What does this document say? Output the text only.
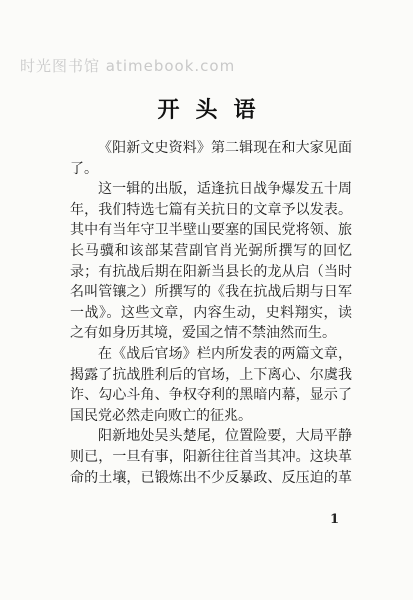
时光图书馆 atimebook.com
开头语
《阳新文史资料》第二辑现在和大家见面
了。
这一辑的出版，适逢抗日战争爆发五十周
年，我们特选七篇有关抗日的文章予以发表。
其中有当年守卫半壁山要塞的国民党将领、旅
长马骥和该部某营副官肖光弼所撰写的回忆
录；有抗战后期在阳新当县长的龙从启（当时
名叫管镶之）所撰写的《我在抗战后期与日军
一战》。这些文章，内容生动，史料翔实，读
之有如身历其境，爱国之情不禁油然而生。
在《战后官场》栏内所发表的两篇文章，
揭露了抗战胜利后的官场，上下离心、尔虞我
诈、勾心斗角、争权夺利的黑暗内幕，显示了
国民党必然走向败亡的征兆。
阳新地处吴头楚尾，位置险要，大局平静
则已，一旦有事，阳新往往首当其冲。这块革
命的土壤，已锻炼出不少反暴政、反压迫的革
1
